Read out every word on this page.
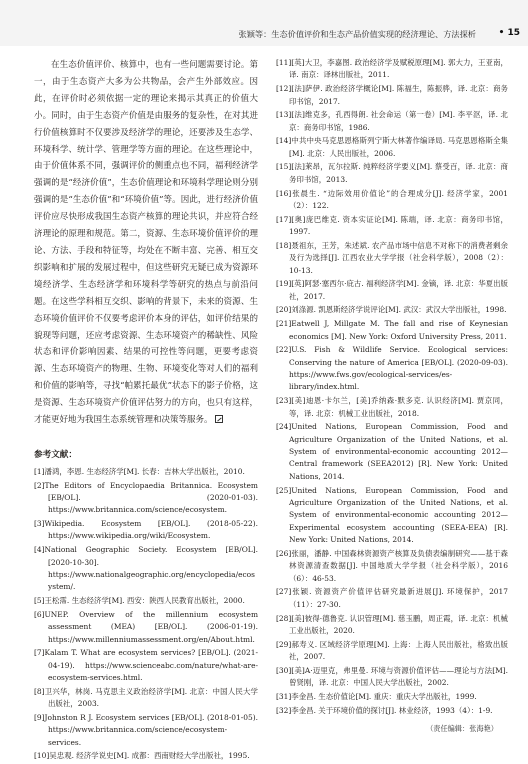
张颖等：生态价值评价和生态产品价值实现的经济理论、方法探析	• 15

在生态价值评价、核算中，也有一些问题需要讨论。第一，由于生态资产大多为公共物品，会产生外部效应。因此，在评价时必须依据一定的理论来揭示其真正的价值大小。同时，由于生态资产价值是由服务的复杂性，在对其进行价值核算时不仅要涉及经济学的理论，还要涉及生态学、环境科学、统计学、管理学等方面的理论。在这些理论中，由于价值体系不同，强调评价的侧重点也不同，福利经济学强调的是“经济价值”，生态价值理论和环境科学理论则分别强调的是“生态价值”和“环境价值”等。因此，进行经济价值评价应尽快形成我国生态资产核算的理论共识，并应符合经济理论的原理和规范。第二，资源、生态环境价值评价的理论、方法、手段和特征等，均处在不断丰富、完善、相互交织影响和扩展的发展过程中，但这些研究无疑已成为资源环境经济学、生态经济学和环境科学等研究的热点与前沿问题。在这些学科相互交织、影响的背景下，未来的资源、生态环境价值评价不仅要考虑评价本身的评估，如评价结果的貌现等问题，还应考虑资源、生态环境资产的稀缺性、风险状态和评价影响因素、结果的可控性等问题，更要考虑资源、生态环境资产的物理、生物、环境变化等对人们的福利和价值的影响等，寻找“帕累托最优”状态下的影子价格，这是资源、生态环境资产价值评估努力的方向，也只有这样，才能更好地为我国生态系统管理和决策等服务。

参考文献：
[1]潘鸿，李恩. 生态经济学[M]. 长春：吉林大学出版社，2010.
[2]The Editors of Encyclopaedia Britannica. Ecosystem [EB/OL]. (2020-01-03). https://www.britannica.com/science/ecosystem.
[3]Wikipedia. Ecosystem [EB/OL]. (2018-05-22). https://www.wikipedia.org/wiki/Ecosystem.
[4]National Geographic Society. Ecosystem [EB/OL]. [2020-10-30]. https://www.nationalgeographic.org/encyclopedia/ecosystem/.
[5]王松霈. 生态经济学[M]. 西安：陕西人民教育出版社，2000.
[6]UNEP. Overview of the millennium ecosystem assessment (MEA) [EB/OL]. (2006-01-19). https://www.millenniumassessment.org/en/About.html.
[7]Kalam T. What are ecosystem services? [EB/OL]. (2021-04-19). https://www.scienceabc.com/nature/what-are-ecosystem-services.html.
[8]卫兴华，林岗. 马克思主义政治经济学[M]. 北京：中国人民大学出版社，2003.
[9]Johnston R J. Ecosystem services [EB/OL]. (2018-01-05). https://www.britannica.com/science/ecosystem-services.
[10]吴忠观. 经济学说史[M]. 成都：西南财经大学出版社，1995.
[11][英]大卫，李嘉图. 政治经济学及赋税原理[M]. 郭大力，王亚南，译. 南京：译林出版社，2011.
[12][法]萨伊. 政治经济学概论[M]. 陈福生，陈振骅，译. 北京：商务印书馆，2017.
[13][法]维克多，孔西得朗. 社会命运（第一卷）[M]. 李平沤，译. 北京：商务印书馆，1986.
[14]中共中央马克思恩格斯列宁斯大林著作编译局. 马克思恩格斯全集[M]. 北京：人民出版社，2006.
[15][法]莱昂，瓦尔拉斯. 纯粹经济学要义[M]. 蔡受百，译. 北京：商务印书馆，2013.
[16]张晨生. “边际效用价值论”的合理成分[J]. 经济学家，2001（2）：122.
[17][奥]庞巴维克. 资本实证论[M]. 陈端，译. 北京：商务印书馆，1997.
[18]聂祖东，王芳，朱述斌. 农产品市场中信息不对称下的消费者剩余及行为选择[J]. 江西农业大学学报（社会科学版），2008（2）：10-13.
[19][英]阿瑟·塞西尔·庇古. 福利经济学[M]. 金镝，译. 北京：华夏出版社，2017.
[20]刘涤源. 凯恩斯经济学说评论[M]. 武汉：武汉大学出版社，1998.
[21]Eatwell J, Millgate M. The fall and rise of Keynesian economics [M]. New York: Oxford University Press, 2011.
[22]U.S. Fish & Wildlife Service. Ecological services: Conserving the nature of America [EB/OL]. (2020-09-03). https://www.fws.gov/ecological-services/es-library/index.html.
[23][美]迪恩·卡尔兰，[美]乔纳森·默多克. 认识经济[M]. 贾京同，等，译. 北京：机械工业出版社，2018.
[24]United Nations, European Commission, Food and Agriculture Organization of the United Nations, et al. System of environmental-economic accounting 2012—Central framework (SEEA2012) [R]. New York: United Nations, 2014.
[25]United Nations, European Commission, Food and Agriculture Organization of the United Nations, et al. System of environmental-economic accounting 2012—Experimental ecosystem accounting (SEEA-EEA) [R]. New York: United Nations, 2014.
[26]张丽，潘静. 中国森林资源资产核算及负债表编制研究——基于森林资源清查数据[J]. 中国地质大学学报（社会科学版），2016（6）：46-53.
[27]张颖. 资源资产价值评估研究最新进展[J]. 环境保护，2017（11）：27-30.
[28][美]彼得·德鲁克. 认识管理[M]. 慈玉鹏，周正霞，译. 北京：机械工业出版社，2020.
[29]郝寿义. 区域经济学原理[M]. 上海：上海人民出版社，格致出版社，2007.
[30][美]A·迈里克，弗里曼. 环境与资源价值评估——理论与方法[M]. 曾贤刚，译. 北京：中国人民大学出版社，2002.
[31]李金昌. 生态价值论[M]. 重庆：重庆大学出版社，1999.
[32]李金昌. 关于环境价值的探讨[J]. 林业经济，1993（4）：1-9.
（责任编辑：张海艳）
